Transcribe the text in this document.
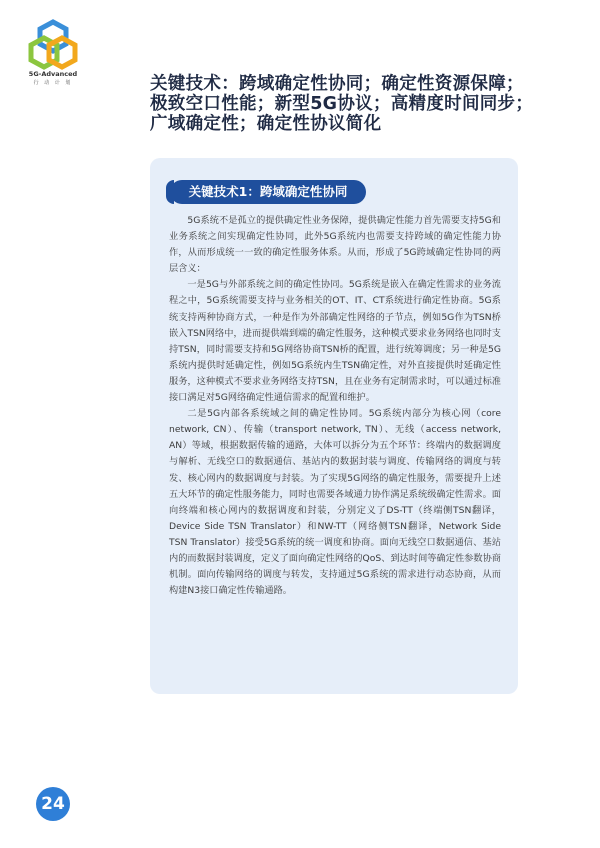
5G-Advanced
行 动 计 划	关键技术：跨域确定性协同；确定性资源保障；极致空口性能；新型5G协议；高精度时间同步；广域确定性；确定性协议简化
关键技术1：跨域确定性协同

5G系统不是孤立的提供确定性业务保障，提供确定性能力首先需要支持5G和业务系统之间实现确定性协同，此外5G系统内也需要支持跨域的确定性能力协作，从而形成统一一致的确定性服务体系。从而，形成了5G跨域确定性协同的两层含义：

一是5G与外部系统之间的确定性协同。5G系统是嵌入在确定性需求的业务流程之中，5G系统需要支持与业务相关的OT、IT、CT系统进行确定性协商。5G系统支持两种协商方式，一种是作为外部确定性网络的子节点，例如5G作为TSN桥嵌入TSN网络中，进而提供端到端的确定性服务，这种模式要求业务网络也同时支持TSN，同时需要支持和5G网络协商TSN桥的配置，进行统筹调度；另一种是5G系统内提供时延确定性，例如5G系统内生TSN确定性，对外直接提供时延确定性服务，这种模式不要求业务网络支持TSN，且在业务有定制需求时，可以通过标准接口满足对5G网络确定性通信需求的配置和维护。

二是5G内部各系统域之间的确定性协同。5G系统内部分为核心网（core network, CN）、传输（transport network, TN）、无线（access network, AN）等域，根据数据传输的通路，大体可以拆分为五个环节：终端内的数据调度与解析、无线空口的数据通信、基站内的数据封装与调度、传输网络的调度与转发、核心网内的数据调度与封装。为了实现5G网络的确定性服务，需要提升上述五大环节的确定性服务能力，同时也需要各域通力协作满足系统级确定性需求。面向终端和核心网内的数据调度和封装，分别定义了DS-TT（终端侧TSN翻译，Device Side TSN Translator）和NW-TT（网络侧TSN翻译，Network Side TSN Translator）接受5G系统的统一调度和协商。面向无线空口数据通信、基站内的而数据封装调度，定义了面向确定性网络的QoS、到达时间等确定性参数协商机制。面向传输网络的调度与转发，支持通过5G系统的需求进行动态协商，从而构建N3接口确定性传输通路。

24
